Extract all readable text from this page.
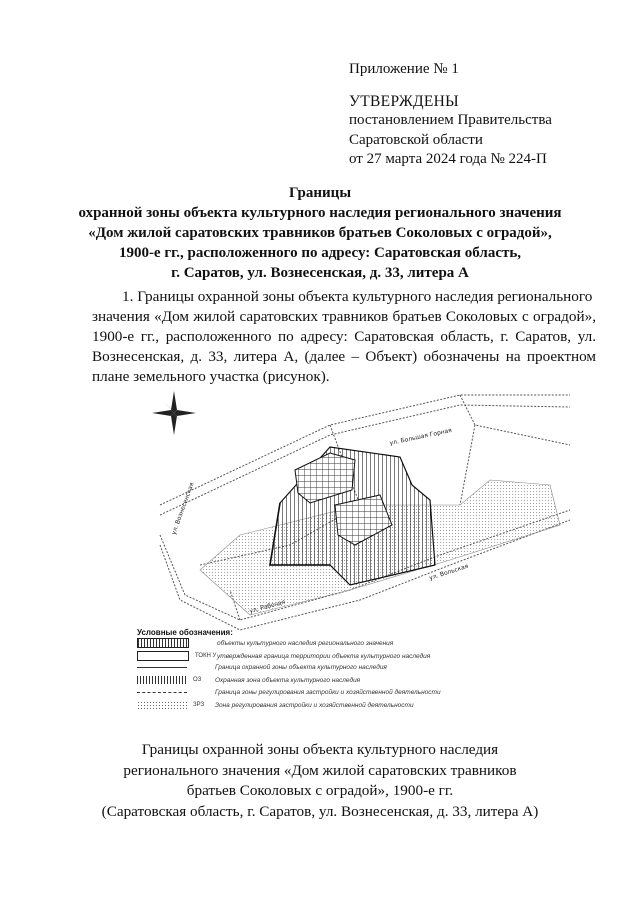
Приложение № 1
УТВЕРЖДЕНЫ
постановлением Правительства
Саратовской области
от 27 марта 2024 года № 224-П
Границы
охранной зоны объекта культурного наследия регионального значения
«Дом жилой саратовских травников братьев Соколовых с оградой»,
1900-е гг., расположенного по адресу: Саратовская область,
г. Саратов, ул. Вознесенская, д. 33, литера А
1. Границы охранной зоны объекта культурного наследия регионального
значения «Дом жилой саратовских травников братьев Соколовых с оградой», 1900-е гг., расположенного по адресу: Саратовская область, г. Саратов, ул. Вознесенская, д. 33, литера А, (далее – Объект) обозначены на проектном плане земельного участка (рисунок).
ул. Большая Горная
ул. Вольская
ул. Вознесенская
ул. Рабочая
Условные обозначения:
объекты культурного наследия регионального значения
ТОКН У утвержденная граница территории объекта культурного наследия
Граница охранной зоны объекта культурного наследия
ОЗ	Охранная зона объекта культурного наследия
Граница зоны регулирования застройки и хозяйственной деятельности
ЗРЗ	Зона регулирования застройки и хозяйственной деятельности
Границы охранной зоны объекта культурного наследия
регионального значения «Дом жилой саратовских травников
братьев Соколовых с оградой», 1900-е гг.
(Саратовская область, г. Саратов, ул. Вознесенская, д. 33, литера А)
